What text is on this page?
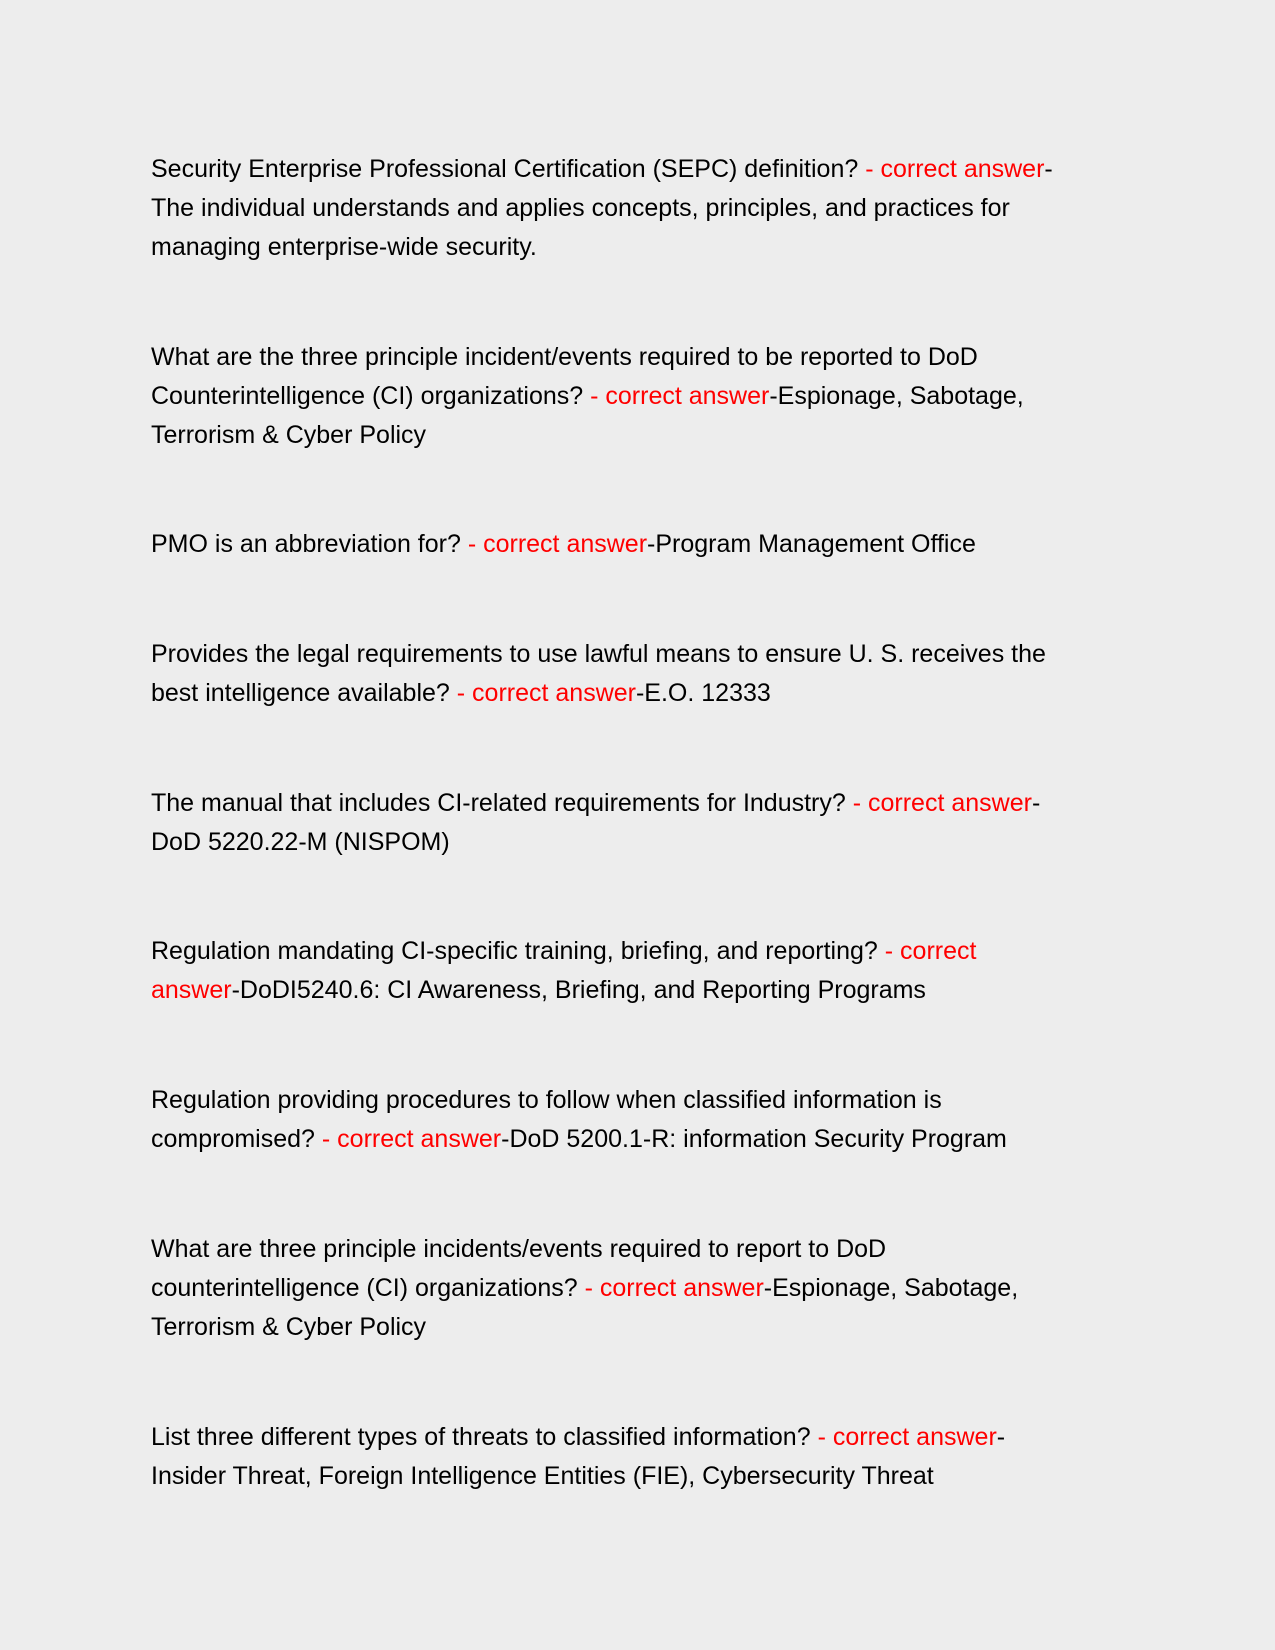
Security Enterprise Professional Certification (SEPC) definition? - correct answer-
The individual understands and applies concepts, principles, and practices for
managing enterprise-wide security.
What are the three principle incident/events required to be reported to DoD
Counterintelligence (CI) organizations? - correct answer-Espionage, Sabotage,
Terrorism & Cyber Policy
PMO is an abbreviation for? - correct answer-Program Management Office
Provides the legal requirements to use lawful means to ensure U. S. receives the
best intelligence available? - correct answer-E.O. 12333
The manual that includes CI-related requirements for Industry? - correct answer-
DoD 5220.22-M (NISPOM)
Regulation mandating CI-specific training, briefing, and reporting? - correct
answer-DoDI5240.6: CI Awareness, Briefing, and Reporting Programs
Regulation providing procedures to follow when classified information is
compromised? - correct answer-DoD 5200.1-R: information Security Program
What are three principle incidents/events required to report to DoD
counterintelligence (CI) organizations? - correct answer-Espionage, Sabotage,
Terrorism & Cyber Policy
List three different types of threats to classified information? - correct answer-
Insider Threat, Foreign Intelligence Entities (FIE), Cybersecurity Threat
